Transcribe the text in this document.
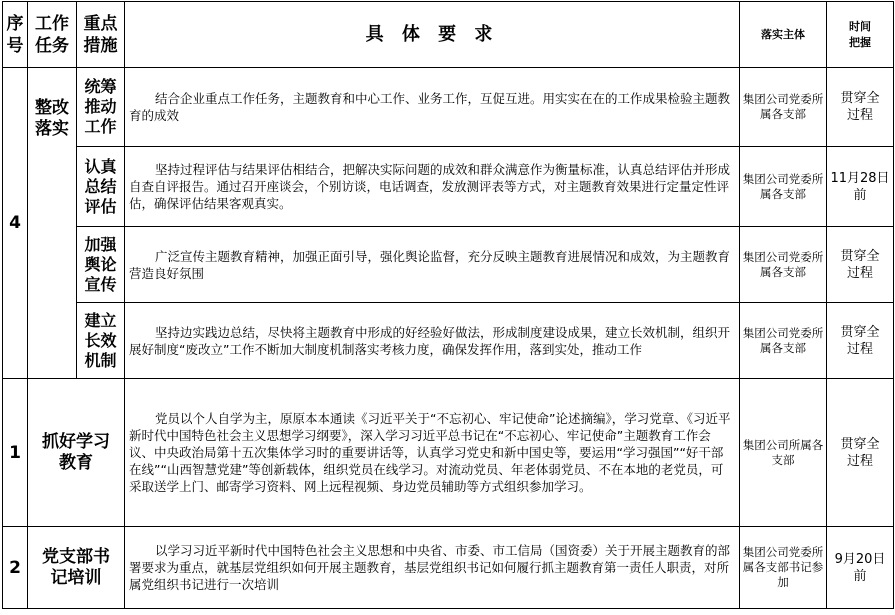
序号	工作任务	重点措施	具 体 要 求	落实主体	时间把握
4	整改落实	统筹推动工作	结合企业重点工作任务，主题教育和中心工作、业务工作，互促互进。用实实在在的工作成果检验主题教育的成效	集团公司党委所属各支部	贯穿全过程
		认真总结评估	坚持过程评估与结果评估相结合，把解决实际问题的成效和群众满意作为衡量标准，认真总结评估并形成自查自评报告。通过召开座谈会，个别访谈，电话调查，发放测评表等方式，对主题教育效果进行定量定性评估，确保评估结果客观真实。	集团公司党委所属各支部	11月28日前
		加强舆论宣传	广泛宣传主题教育精神，加强正面引导，强化舆论监督，充分反映主题教育进展情况和成效，为主题教育营造良好氛围	集团公司党委所属各支部	贯穿全过程
		建立长效机制	坚持边实践边总结，尽快将主题教育中形成的好经验好做法，形成制度建设成果，建立长效机制，组织开展好制度“废改立”工作不断加大制度机制落实考核力度，确保发挥作用，落到实处，推动工作	集团公司党委所属各支部	贯穿全过程
1	抓好学习教育		党员以个人自学为主，原原本本通读《习近平关于“不忘初心、牢记使命”论述摘编》，学习党章、《习近平新时代中国特色社会主义思想学习纲要》，深入学习习近平总书记在“不忘初心、牢记使命”主题教育工作会议、中央政治局第十五次集体学习时的重要讲话等，认真学习党史和新中国史等，要运用“学习强国”“好干部在线”“山西智慧党建”等创新载体，组织党员在线学习。对流动党员、年老体弱党员、不在本地的老党员，可采取送学上门、邮寄学习资料、网上远程视频、身边党员辅助等方式组织参加学习。	集团公司所属各支部	贯穿全过程
2	党支部书记培训		以学习习近平新时代中国特色社会主义思想和中央省、市委、市工信局（国资委）关于开展主题教育的部署要求为重点，就基层党组织如何开展主题教育，基层党组织书记如何履行抓主题教育第一责任人职责，对所属党组织书记进行一次培训	集团公司党委所属各支部书记参加	9月20日前
